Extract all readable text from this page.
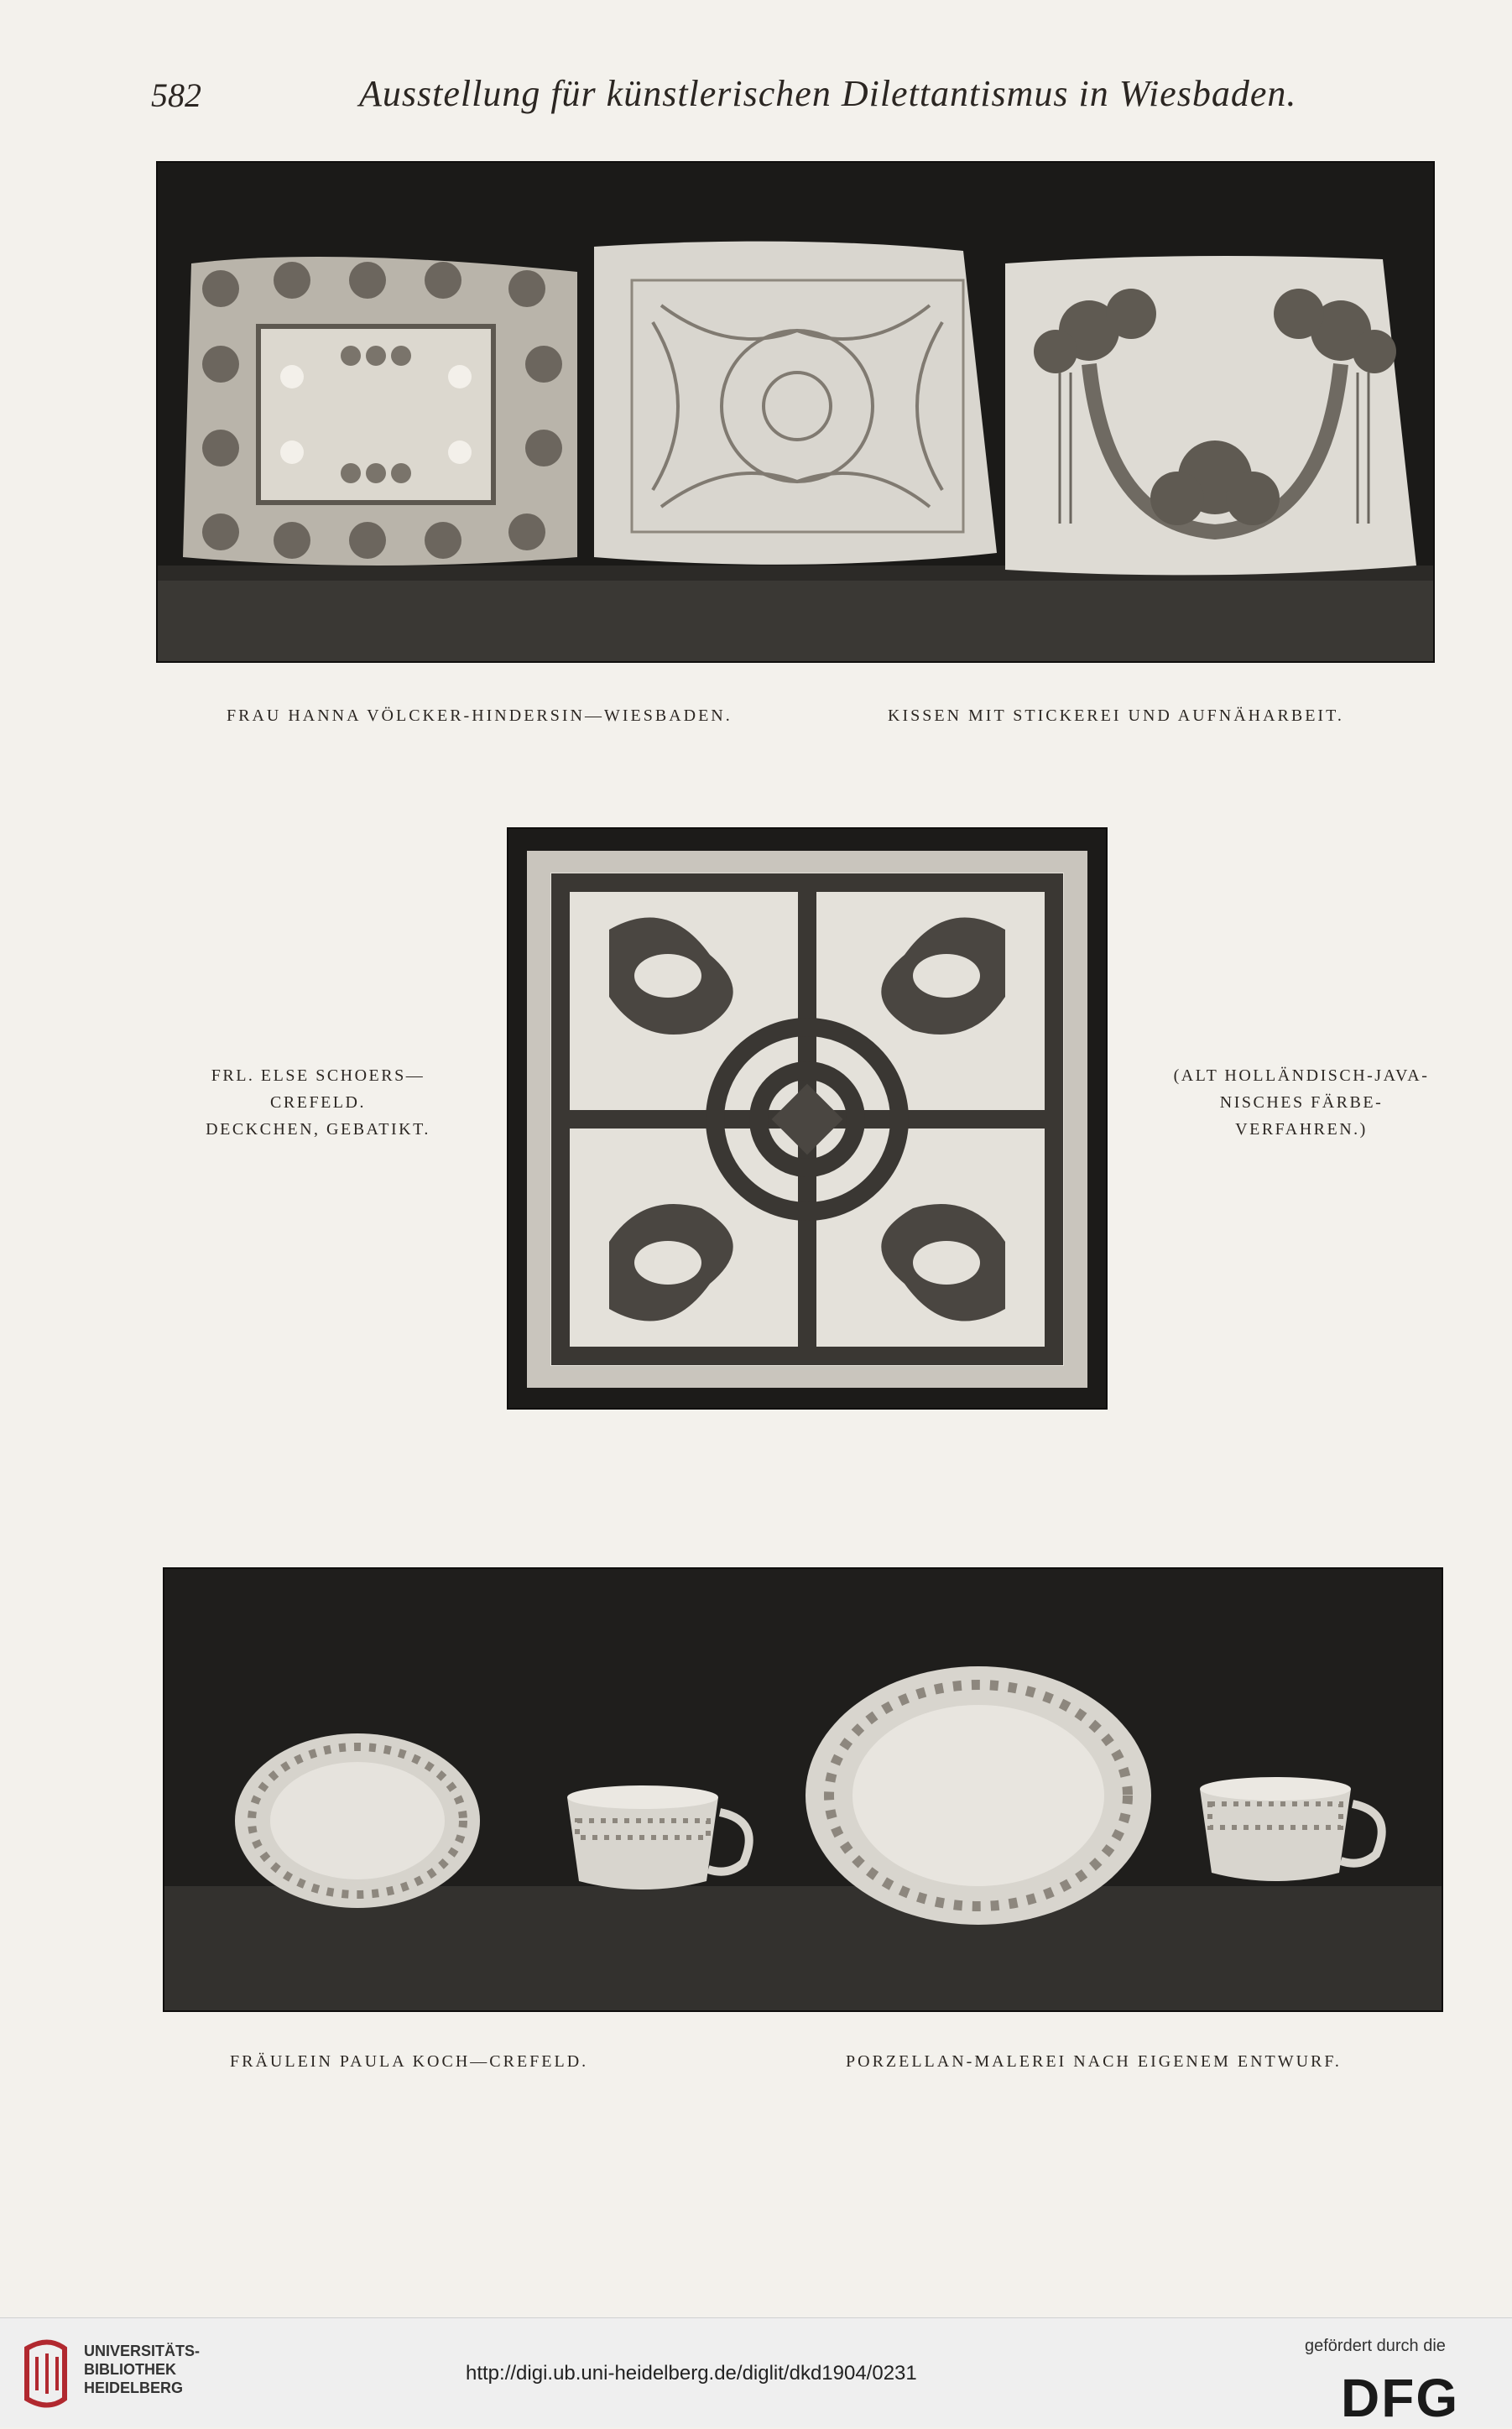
582	Ausstellung für künstlerischen Dilettantismus in Wiesbaden.
FRAU HANNA VÖLCKER-HINDERSIN—WIESBADEN.	KISSEN MIT STICKEREI UND AUFNÄHARBEIT.
FRL. ELSE SCHOERS—
CREFELD.
DECKCHEN, GEBATIKT.
(ALT HOLLÄNDISCH-JAVA-
NISCHES FÄRBE-
VERFAHREN.)
FRÄULEIN PAULA KOCH—CREFELD.	PORZELLAN-MALEREI NACH EIGENEM ENTWURF.
UNIVERSITÄTS-
BIBLIOTHEK
HEIDELBERG
http://digi.ub.uni-heidelberg.de/diglit/dkd1904/0231
gefördert durch die
DFG
